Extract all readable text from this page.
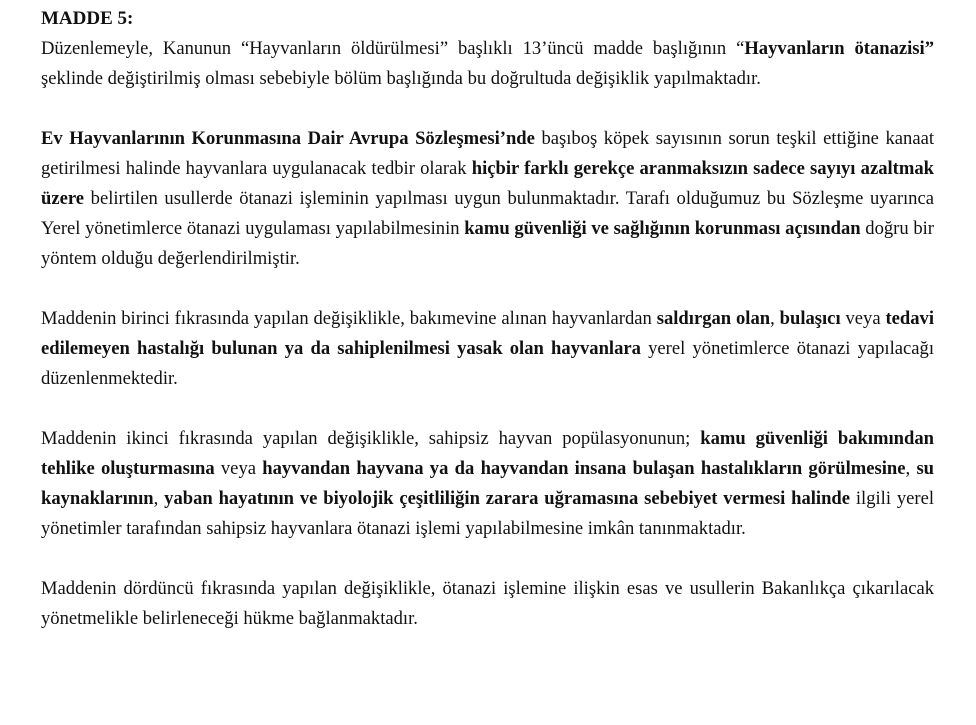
MADDE 5:

Düzenlemeyle, Kanunun “Hayvanların öldürülmesi” başlıklı 13’üncü madde başlığının “Hayvanların ötanazisi” şeklinde değiştirilmiş olması sebebiyle bölüm başlığında bu doğrultuda değişiklik yapılmaktadır.

Ev Hayvanlarının Korunmasına Dair Avrupa Sözleşmesi’nde başıboş köpek sayısının sorun teşkil ettiğine kanaat getirilmesi halinde hayvanlara uygulanacak tedbir olarak hiçbir farklı gerekçe aranmaksızın sadece sayıyı azaltmak üzere belirtilen usullerde ötanazi işleminin yapılması uygun bulunmaktadır. Tarafı olduğumuz bu Sözleşme uyarınca Yerel yönetimlerce ötanazi uygulaması yapılabilmesinin kamu güvenliği ve sağlığının korunması açısından doğru bir yöntem olduğu değerlendirilmiştir.

Maddenin birinci fıkrasında yapılan değişiklikle, bakımevine alınan hayvanlardan saldırgan olan, bulaşıcı veya tedavi edilemeyen hastalığı bulunan ya da sahiplenilmesi yasak olan hayvanlara yerel yönetimlerce ötanazi yapılacağı düzenlenmektedir.

Maddenin ikinci fıkrasında yapılan değişiklikle, sahipsiz hayvan popülasyonunun; kamu güvenliği bakımından tehlike oluşturmasına veya hayvandan hayvana ya da hayvandan insana bulaşan hastalıkların görülmesine, su kaynaklarının, yaban hayatının ve biyolojik çeşitliliğin zarara uğramasına sebebiyet vermesi halinde ilgili yerel yönetimler tarafından sahipsiz hayvanlara ötanazi işlemi yapılabilmesine imkân tanınmaktadır.

Maddenin dördüncü fıkrasında yapılan değişiklikle, ötanazi işlemine ilişkin esas ve usullerin Bakanlıkça çıkarılacak yönetmelikle belirleneceği hükme bağlanmaktadır.
